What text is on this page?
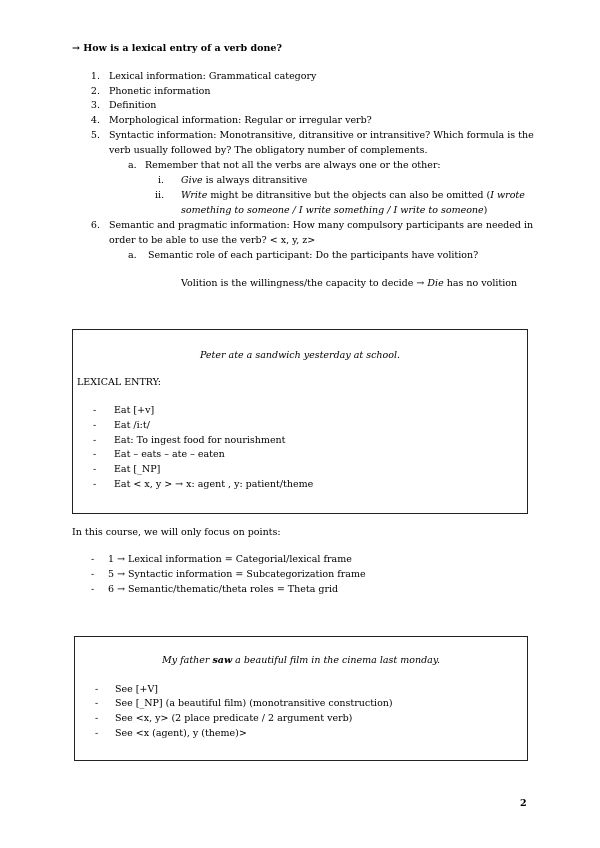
→ How is a lexical entry of a verb done?
1. Lexical information: Grammatical category
2. Phonetic information
3. Definition
4. Morphological information: Regular or irregular verb?
5. Syntactic information: Monotransitive, ditransitive or intransitive? Which formula is the
verb usually followed by? The obligatory number of complements.
a. Remember that not all the verbs are always one or the other:
i. Give is always ditransitive
ii. Write might be ditransitive but the objects can also be omitted (I wrote
something to someone / I write something / I write to someone)
6. Semantic and pragmatic information: How many compulsory participants are needed in
order to be able to use the verb? < x, y, z>
a. Semantic role of each participant: Do the participants have volition?
Volition is the willingness/the capacity to decide → Die has no volition
Peter ate a sandwich yesterday at school.
LEXICAL ENTRY:
- Eat [+v]
- Eat /i:t/
- Eat: To ingest food for nourishment
- Eat – eats – ate – eaten
- Eat [_NP]
- Eat < x, y > → x: agent , y: patient/theme
In this course, we will only focus on points:
- 1 → Lexical information = Categorial/lexical frame
- 5 → Syntactic information = Subcategorization frame
- 6 → Semantic/thematic/theta roles = Theta grid
My father saw a beautiful film in the cinema last monday.
- See [+V]
- See [_NP] (a beautiful film) (monotransitive construction)
- See <x, y> (2 place predicate / 2 argument verb)
- See <x (agent), y (theme)>
2
